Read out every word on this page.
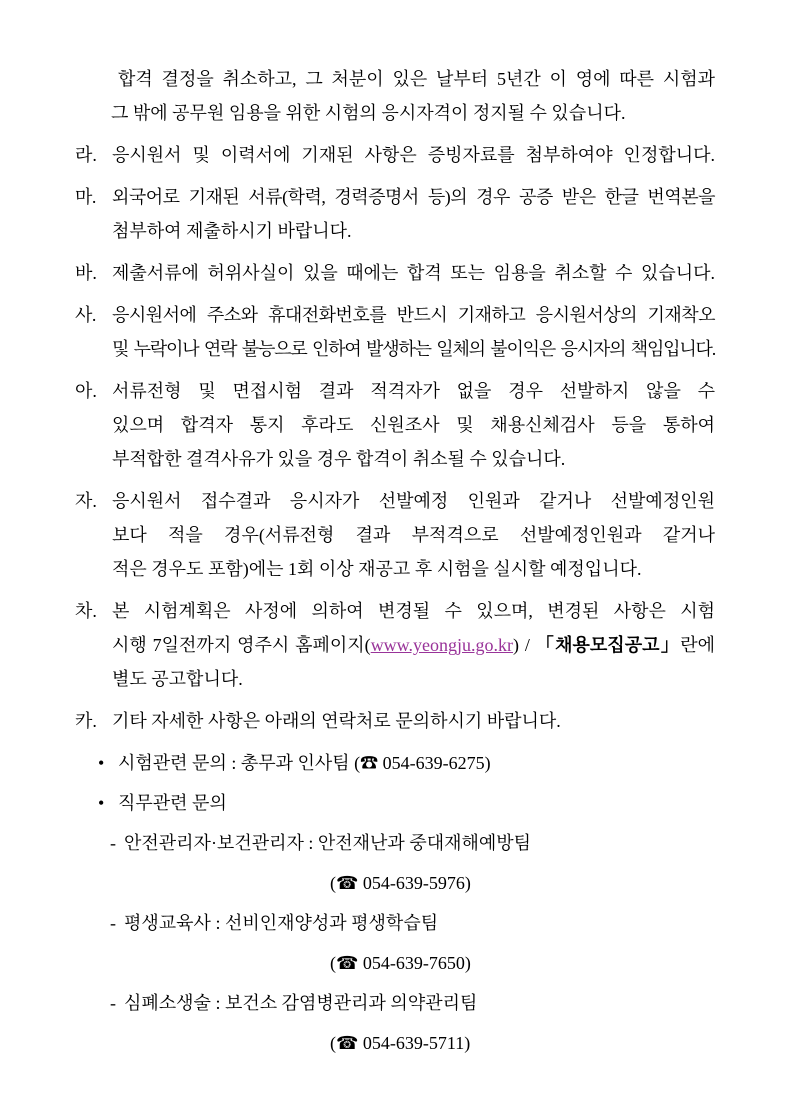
합격 결정을 취소하고, 그 처분이 있은 날부터 5년간 이 영에 따른 시험과
그 밖에 공무원 임용을 위한 시험의 응시자격이 정지될 수 있습니다.
라. 응시원서 및 이력서에 기재된 사항은 증빙자료를 첨부하여야 인정합니다.
마. 외국어로 기재된 서류(학력, 경력증명서 등)의 경우 공증 받은 한글 번역본을
첨부하여 제출하시기 바랍니다.
바. 제출서류에 허위사실이 있을 때에는 합격 또는 임용을 취소할 수 있습니다.
사. 응시원서에 주소와 휴대전화번호를 반드시 기재하고 응시원서상의 기재착오
및 누락이나 연락 불능으로 인하여 발생하는 일체의 불이익은 응시자의 책임입니다.
아. 서류전형 및 면접시험 결과 적격자가 없을 경우 선발하지 않을 수
있으며 합격자 통지 후라도 신원조사 및 채용신체검사 등을 통하여
부적합한 결격사유가 있을 경우 합격이 취소될 수 있습니다.
자. 응시원서 접수결과 응시자가 선발예정 인원과 같거나 선발예정인원
보다 적을 경우(서류전형 결과 부적격으로 선발예정인원과 같거나
적은 경우도 포함)에는 1회 이상 재공고 후 시험을 실시할 예정입니다.
차. 본 시험계획은 사정에 의하여 변경될 수 있으며, 변경된 사항은 시험
시행 7일전까지 영주시 홈페이지(www.yeongju.go.kr) / 「채용모집공고」란에
별도 공고합니다.
카. 기타 자세한 사항은 아래의 연락처로 문의하시기 바랍니다.
• 시험관련 문의 : 총무과 인사팀 (☎ 054-639-6275)
• 직무관련 문의
- 안전관리자·보건관리자 : 안전재난과 중대재해예방팀
(☎ 054-639-5976)
- 평생교육사 : 선비인재양성과 평생학습팀
(☎ 054-639-7650)
- 심폐소생술 : 보건소 감염병관리과 의약관리팀
(☎ 054-639-5711)
